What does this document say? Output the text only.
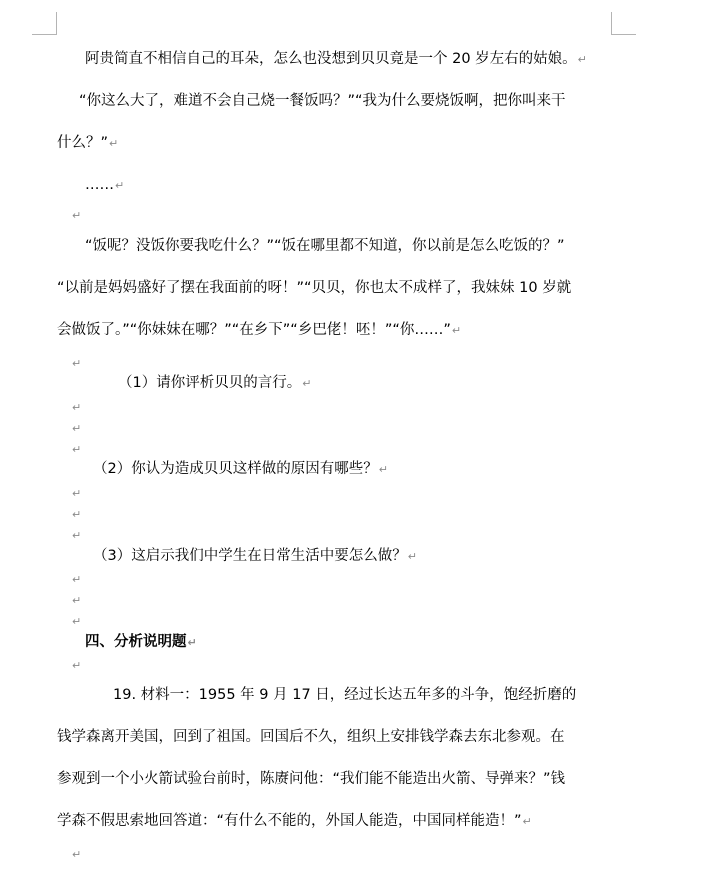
阿贵简直不相信自己的耳朵，怎么也没想到贝贝竟是一个 20 岁左右的姑娘。↵
“你这么大了，难道不会自己烧一餐饭吗？”“我为什么要烧饭啊，把你叫来干
什么？”↵
……↵
↵
“饭呢？没饭你要我吃什么？”“饭在哪里都不知道，你以前是怎么吃饭的？”
“以前是妈妈盛好了摆在我面前的呀！”“贝贝，你也太不成样了，我妹妹 10 岁就
会做饭了。”“你妹妹在哪？”“在乡下”“乡巴佬！呸！”“你……”↵
↵
（1）请你评析贝贝的言行。↵
↵
↵
↵
（2）你认为造成贝贝这样做的原因有哪些？↵
↵
↵
↵
（3）这启示我们中学生在日常生活中要怎么做？↵
↵
↵
↵
四、分析说明题↵
↵
19. 材料一：1955 年 9 月 17 日，经过长达五年多的斗争，饱经折磨的
钱学森离开美国，回到了祖国。回国后不久，组织上安排钱学森去东北参观。在
参观到一个小火箭试验台前时，陈赓问他：“我们能不能造出火箭、导弹来？”钱
学森不假思索地回答道：“有什么不能的，外国人能造，中国同样能造！”↵
↵
